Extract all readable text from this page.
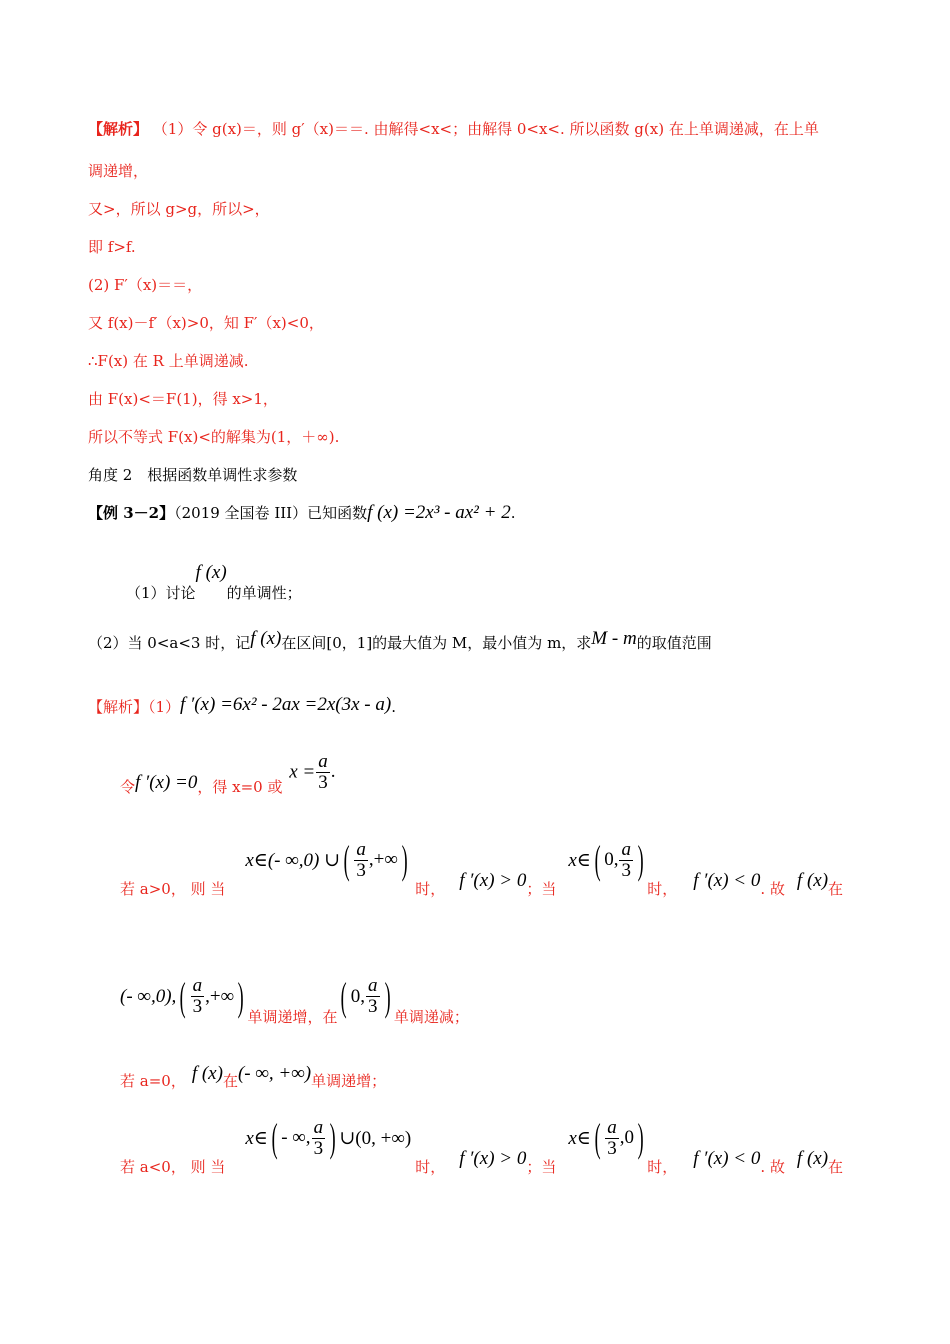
【解析】 （1）令 g(x)＝，则 g′（x)＝＝. 由解得<x<；由解得 0<x<. 所以函数 g(x) 在上单调递减，在上单
调递增，
又>，所以 g>g，所以>，
即 f>f.
(2) F′（x)＝＝，
又 f(x)－f′（x)>0，知 F′（x)<0，
∴F(x) 在 R 上单调递减.
由 F(x)<＝F(1)，得 x>1，
所以不等式 F(x)<的解集为(1，＋∞).
角度 2　根据函数单调性求参数
【例 3－2】（2019 全国卷 III）已知函数f (x) =2x³ - ax² + 2.
（1）讨论f (x)的单调性；
（2）当 0<a<3 时，记f (x)在区间[0，1]的最大值为 M，最小值为 m，求M - m的取值范围
【解析】（1）f ′(x) =6x² - 2ax =2x(3x - a).
令f ′(x) =0，得 x=0 或 $x = \frac{a}{3}$ .
若 a>0， 则 当
x∈(- ∞,0) ∪ ( $\frac{a}{3}$ , +∞ )
时， f ′(x) > 0 ；当
x∈ ( 0, $\frac{a}{3}$ )
时， f ′(x) < 0 . 故 f (x) 在
(- ∞,0), ( $\frac{a}{3}$ , +∞ ) 单调递增，在 ( 0, $\frac{a}{3}$ ) 单调递减；
若 a=0， f (x) 在 (- ∞, +∞) 单调递增；
若 a<0， 则 当
x∈ ( - ∞, $\frac{a}{3}$ ) ∪(0, +∞)
时， f ′(x) > 0 ；当
x∈ ( $\frac{a}{3} ,0$ )
时， f ′(x) < 0 . 故 f (x) 在
